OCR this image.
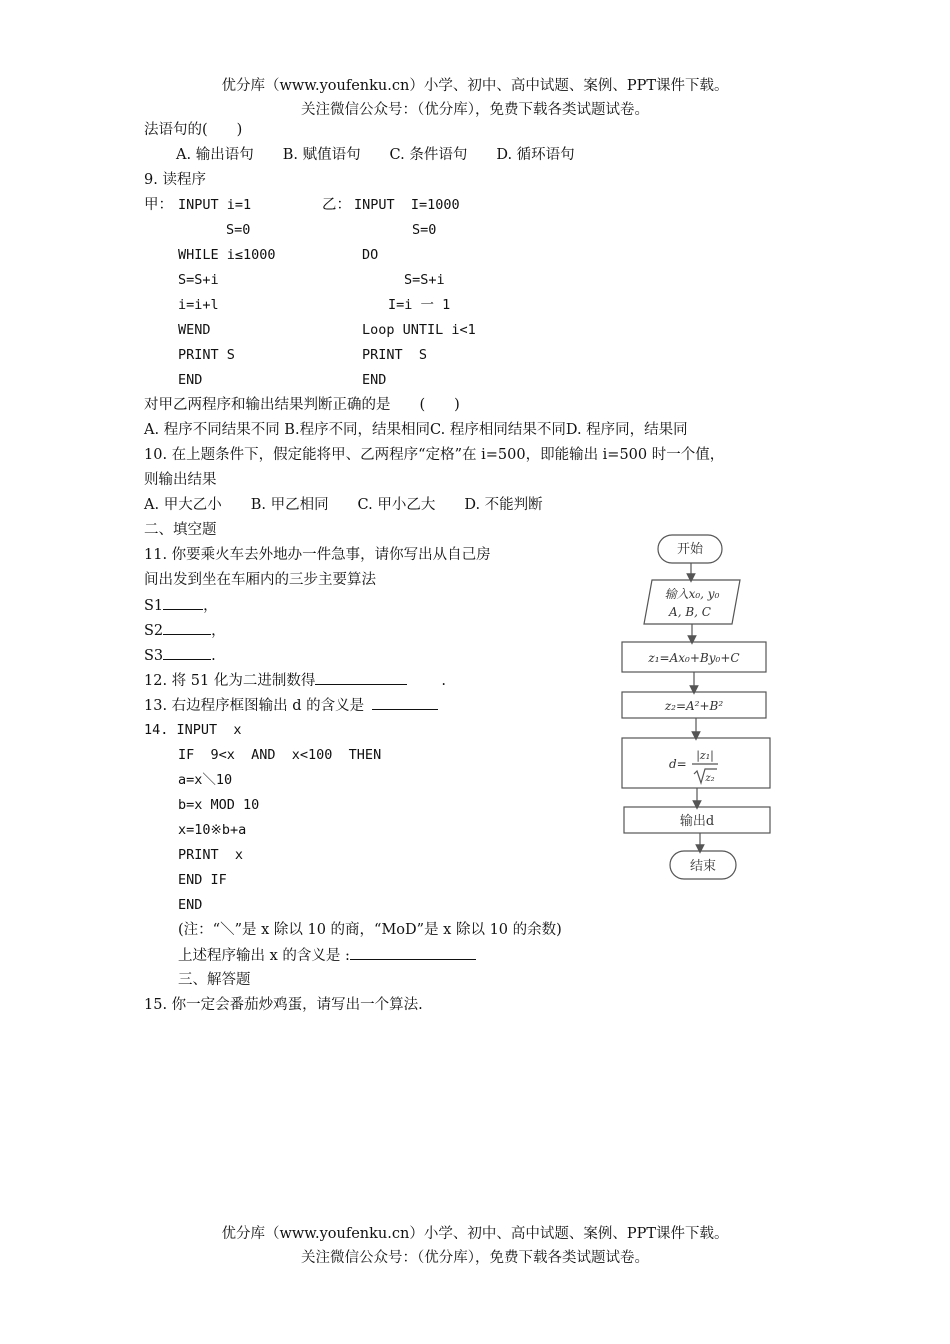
优分库（www.youfenku.cn）小学、初中、高中试题、案例、PPT课件下载。
关注微信公众号：（优分库），免费下载各类试题试卷。
法语句的(　　)
A. 输出语句　　B. 赋值语句　　C. 条件语句　　D. 循环语句
9. 读程序
甲： INPUT i=1
S=0
WHILE i≤1000
S=S+i
i=i+l
WEND
PRINT S
END
乙： INPUT  I=1000
S=0
DO
S=S+i
I=i 一 1
Loop UNTIL i<1
PRINT  S
END
对甲乙两程序和输出结果判断正确的是　　(　　)
A. 程序不同结果不同 B.程序不同，结果相同C. 程序相同结果不同D. 程序同，结果同
10. 在上题条件下，假定能将甲、乙两程序“定格”在 i=500，即能输出 i=500 时一个值，
则输出结果
A. 甲大乙小　　B. 甲乙相同　　C. 甲小乙大　　D. 不能判断
二、填空题
11. 你要乘火车去外地办一件急事，请你写出从自己房
间出发到坐在车厢内的三步主要算法
S1	，
S2	，
S3	.
12. 将 51 化为二进制数得	.
13. 右边程序框图输出 d 的含义是
14. INPUT  x
IF  9<x  AND  x<100  THEN
a=x＼10
b=x MOD 10
x=10※b+a
PRINT  x
END IF
END
(注：“＼”是 x 除以 10 的商，“MoD”是 x 除以 10 的余数)
上述程序输出 x 的含义是 :
三、解答题
15. 你一定会番茄炒鸡蛋，请写出一个算法.
开始
输入x₀, y₀
A, B, C
z₁=Ax₀+By₀+C
z₂=A²+B²
d=
|z₁|
z₂
输出d
结束
优分库（www.youfenku.cn）小学、初中、高中试题、案例、PPT课件下载。
关注微信公众号：（优分库），免费下载各类试题试卷。
